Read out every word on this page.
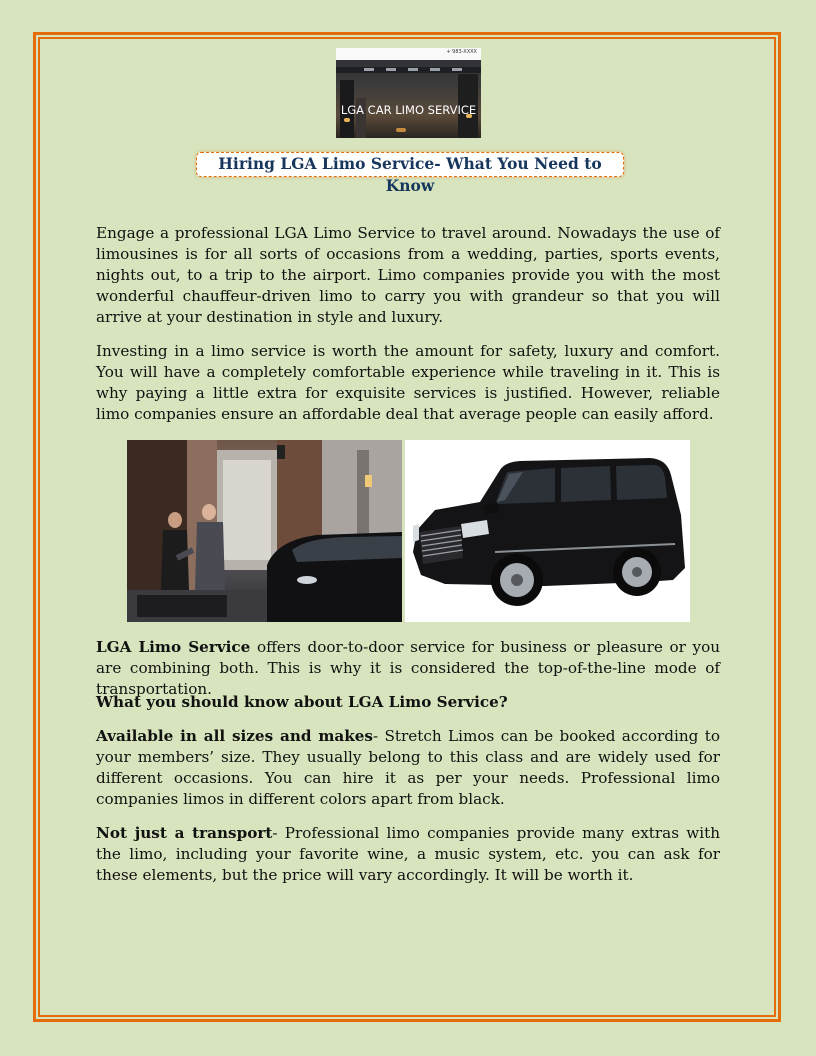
+ 983-XXXX
LGA CAR LIMO SERVICE
Hiring LGA Limo Service- What You Need to Know

Engage a professional LGA Limo Service to travel around. Nowadays the use of limousines is for all sorts of occasions from a wedding, parties, sports events, nights out, to a trip to the airport. Limo companies provide you with the most wonderful chauffeur-driven limo to carry you with grandeur so that you will arrive at your destination in style and luxury.

Investing in a limo service is worth the amount for safety, luxury and comfort. You will have a completely comfortable experience while traveling in it. This is why paying a little extra for exquisite services is justified. However, reliable limo companies ensure an affordable deal that average people can easily afford.

LGA Limo Service offers door-to-door service for business or pleasure or you are combining both. This is why it is considered the top-of-the-line mode of transportation.

What you should know about LGA Limo Service?

Available in all sizes and makes- Stretch Limos can be booked according to your members’ size. They usually belong to this class and are widely used for different occasions. You can hire it as per your needs. Professional limo companies limos in different colors apart from black.

Not just a transport- Professional limo companies provide many extras with the limo, including your favorite wine, a music system, etc. you can ask for these elements, but the price will vary accordingly. It will be worth it.
